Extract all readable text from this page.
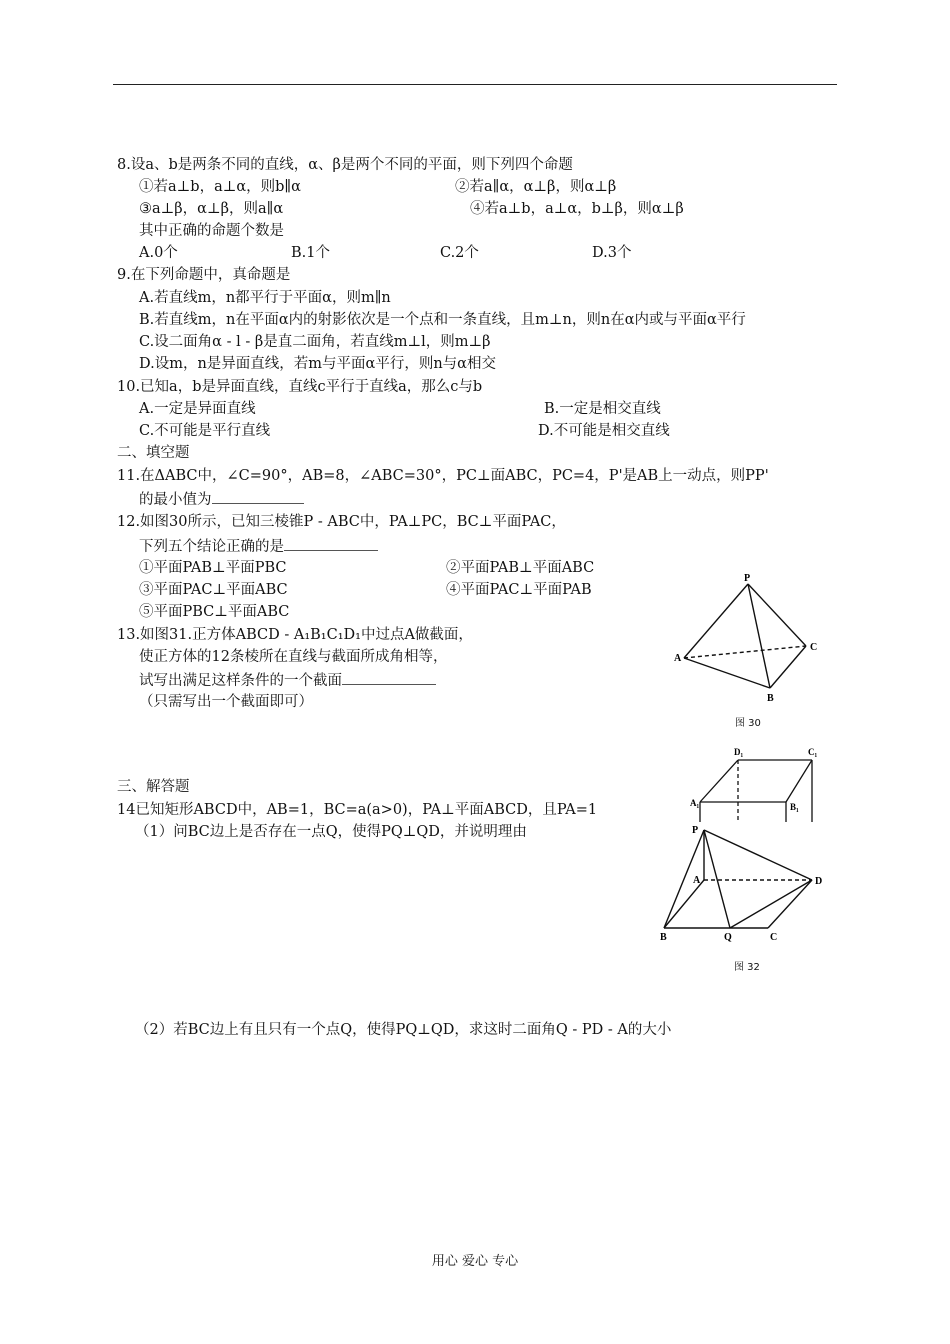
8.设a、b是两条不同的直线，α、β是两个不同的平面，则下列四个命题
①若a⊥b，a⊥α，则b∥α	②若a∥α，α⊥β，则α⊥β
③a⊥β，α⊥β，则a∥α	④若a⊥b，a⊥α，b⊥β，则α⊥β
其中正确的命题个数是
A.0个	B.1个	C.2个	D.3个
9.在下列命题中，真命题是
A.若直线m，n都平行于平面α，则m∥n
B.若直线m，n在平面α内的射影依次是一个点和一条直线，且m⊥n，则n在α内或与平面α平行
C.设二面角α - l - β是直二面角，若直线m⊥l，则m⊥β
D.设m，n是异面直线，若m与平面α平行，则n与α相交
10.已知a，b是异面直线，直线c平行于直线a，那么c与b
A.一定是异面直线	B.一定是相交直线
C.不可能是平行直线	D.不可能是相交直线
二、填空题
11.在ΔABC中，∠C=90°，AB=8，∠ABC=30°，PC⊥面ABC，PC=4，P'是AB上一动点，则PP'
的最小值为
12.如图30所示，已知三棱锥P - ABC中，PA⊥PC，BC⊥平面PAC，
下列五个结论正确的是
①平面PAB⊥平面PBC	②平面PAB⊥平面ABC
③平面PAC⊥平面ABC	④平面PAC⊥平面PAB
⑤平面PBC⊥平面ABC
13.如图31.正方体ABCD - A₁B₁C₁D₁中过点A做截面，
使正方体的12条棱所在直线与截面所成角相等，
试写出满足这样条件的一个截面
（只需写出一个截面即可）
P
A
B
C
图 30
D₁	C₁
A₁	B₁
三、解答题
14已知矩形ABCD中，AB=1，BC=a(a>0)，PA⊥平面ABCD，且PA=1
（1）问BC边上是否存在一点Q，使得PQ⊥QD，并说明理由	P
A	D
B	Q	C
图 32
（2）若BC边上有且只有一个点Q，使得PQ⊥QD，求这时二面角Q - PD - A的大小
用心 爱心 专心
